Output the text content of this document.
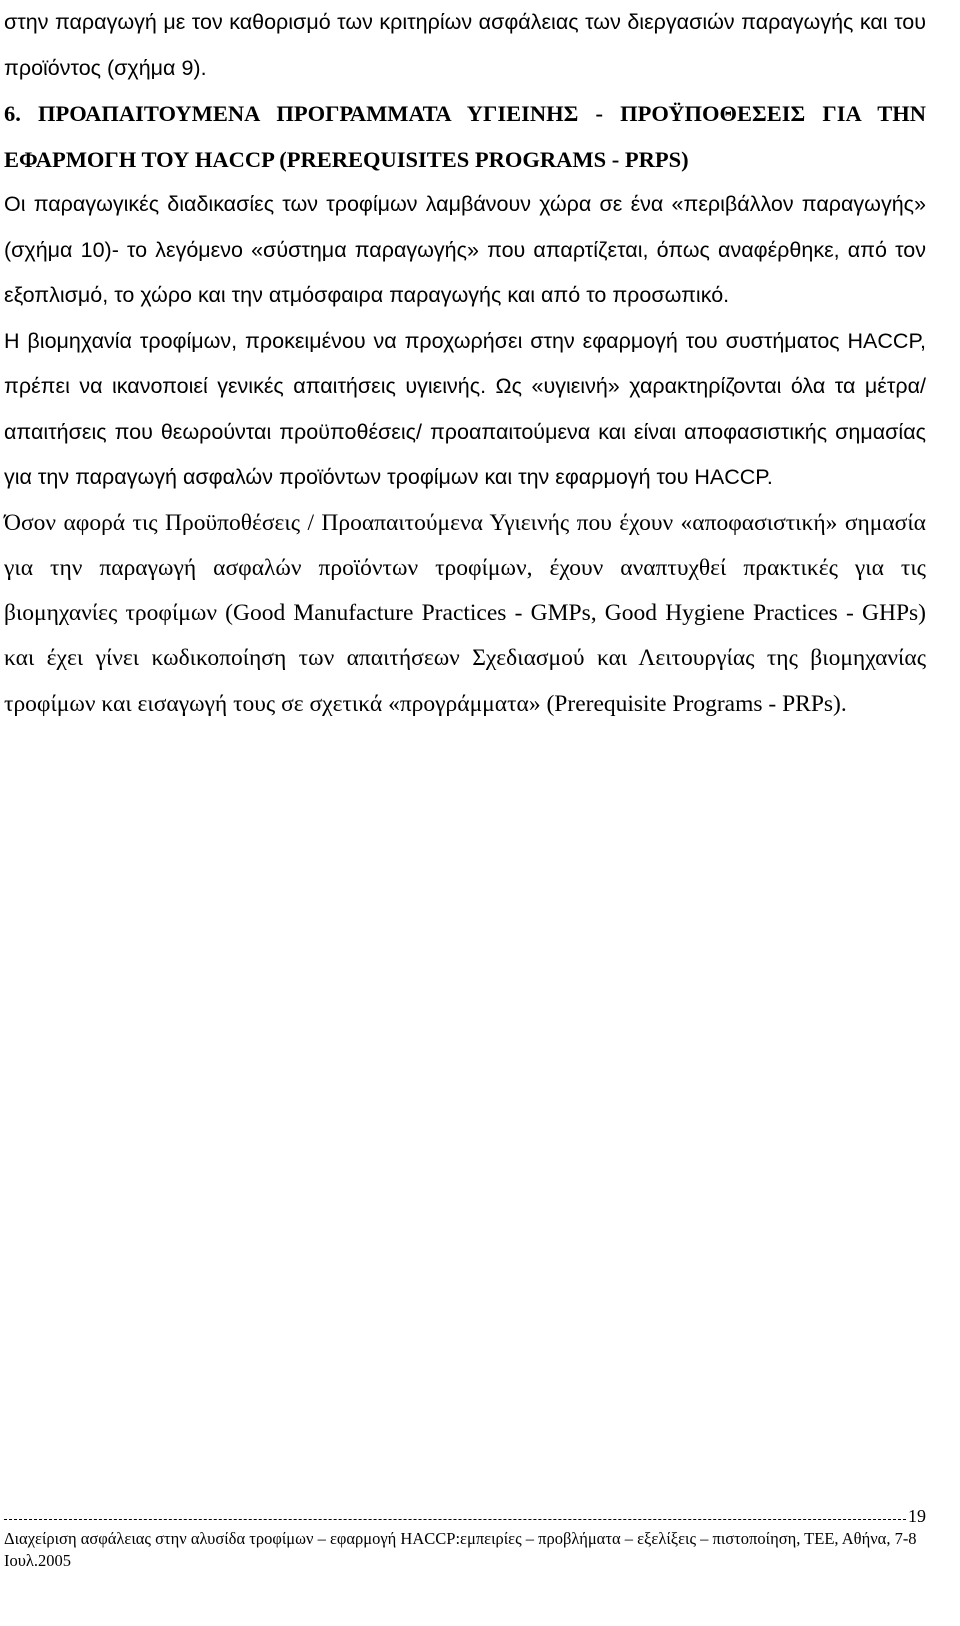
στην παραγωγή με τον καθορισμό των κριτηρίων ασφάλειας των διεργασιών παραγωγής και του προϊόντος (σχήμα 9).

6. ΠΡΟΑΠΑΙΤΟΥΜΕΝΑ ΠΡΟΓΡΑΜΜΑΤΑ ΥΓΙΕΙΝΗΣ - ΠΡΟΫΠΟΘΕΣΕΙΣ ΓΙΑ ΤΗΝ ΕΦΑΡΜΟΓΗ ΤΟΥ HACCP (PREREQUISITES PROGRAMS - PRPS)

Οι παραγωγικές διαδικασίες των τροφίμων λαμβάνουν χώρα σε ένα «περιβάλλον παραγωγής» (σχήμα 10)- το λεγόμενο «σύστημα παραγωγής» που απαρτίζεται, όπως αναφέρθηκε, από τον εξοπλισμό, το χώρο και την ατμόσφαιρα παραγωγής και από το προσωπικό.

Η βιομηχανία τροφίμων, προκειμένου να προχωρήσει στην εφαρμογή του συστήματος HACCP, πρέπει να ικανοποιεί γενικές απαιτήσεις υγιεινής. Ως «υγιεινή» χαρακτηρίζονται όλα τα μέτρα/ απαιτήσεις που θεωρούνται προϋποθέσεις/ προαπαιτούμενα και είναι αποφασιστικής σημασίας για την παραγωγή ασφαλών προϊόντων τροφίμων και την εφαρμογή του HACCP.

Όσον αφορά τις Προϋποθέσεις / Προαπαιτούμενα Υγιεινής που έχουν «αποφασιστική» σημασία για την παραγωγή ασφαλών προϊόντων τροφίμων, έχουν αναπτυχθεί πρακτικές για τις βιομηχανίες τροφίμων (Good Manufacture Practices - GMPs, Good Hygiene Practices - GHPs) και έχει γίνει κωδικοποίηση των απαιτήσεων Σχεδιασμού και Λειτουργίας της βιομηχανίας τροφίμων και εισαγωγή τους σε σχετικά «προγράμματα» (Prerequisite Programs - PRPs).

19
Διαχείριση ασφάλειας στην αλυσίδα τροφίμων – εφαρμογή HACCP:εμπειρίες – προβλήματα – εξελίξεις – πιστοποίηση, ΤΕΕ, Αθήνα, 7-8 Ιουλ.2005
